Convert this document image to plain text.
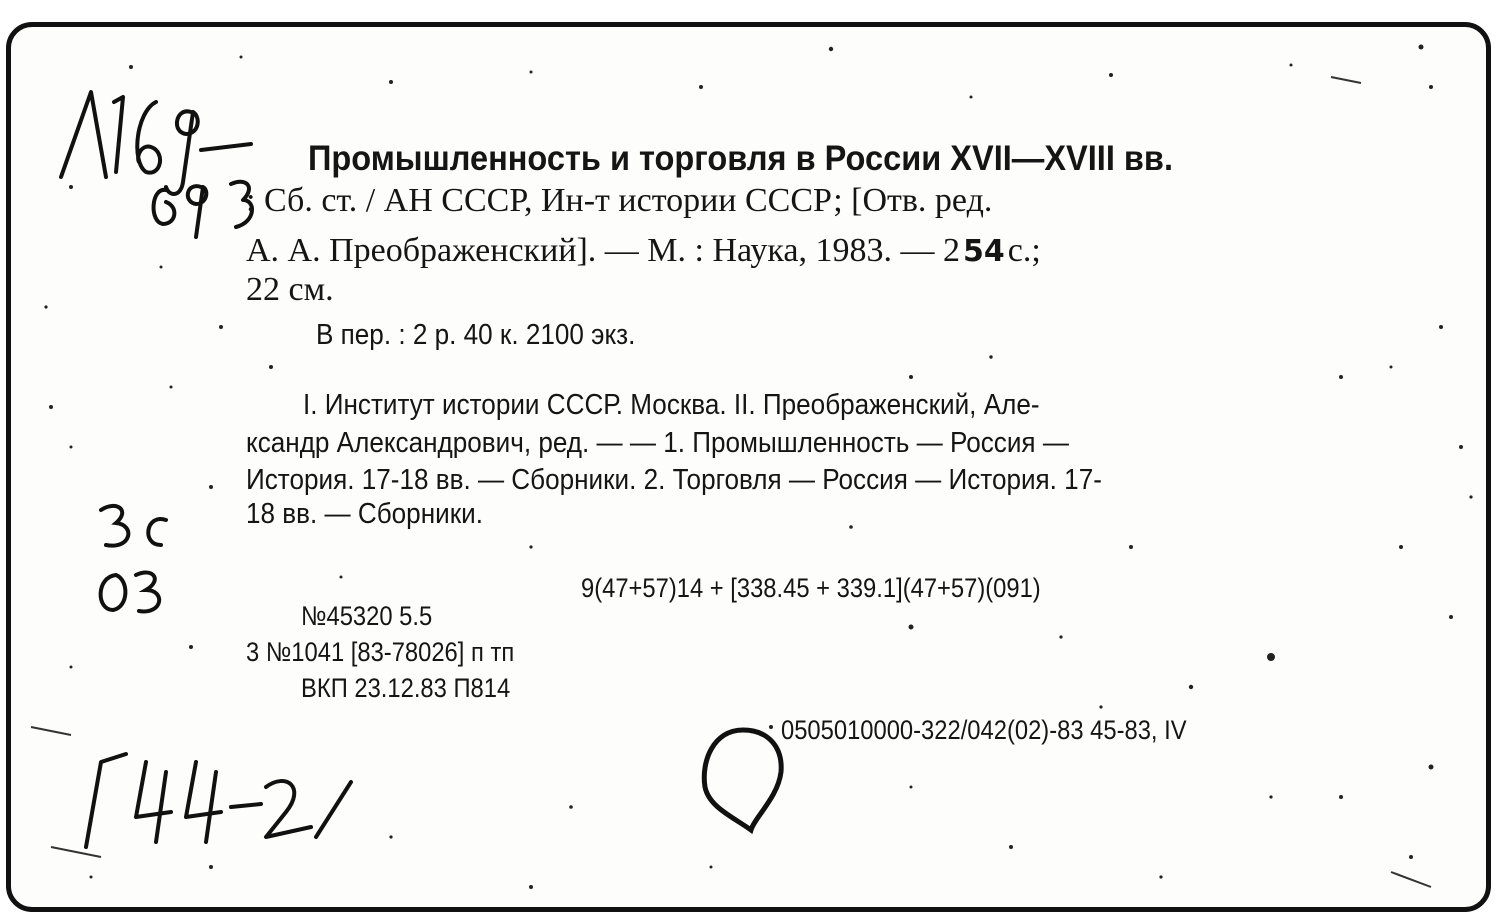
Промышленность и торговля в России XVII—XVIII вв.
: Сб. ст. / АН СССР, Ин-т истории СССР; [Отв. ред.
А. А. Преображенский]. — М. : Наука, 1983. — 2 54с.;
22 см.
В пер. : 2 р. 40 к. 2100 экз.
I. Институт истории СССР. Москва. II. Преображенский, Але-
ксандр Александрович, ред. — — 1. Промышленность — Россия —
История. 17-18 вв. — Сборники. 2. Торговля — Россия — История. 17-
18 вв. — Сборники.
9(47+57)14 + [338.45 + 339.1](47+57)(091)
№45320 5.5
3 №1041 [83-78026] п тп
ВКП 23.12.83 П814
0505010000-322/042(02)-83 45-83, IV
